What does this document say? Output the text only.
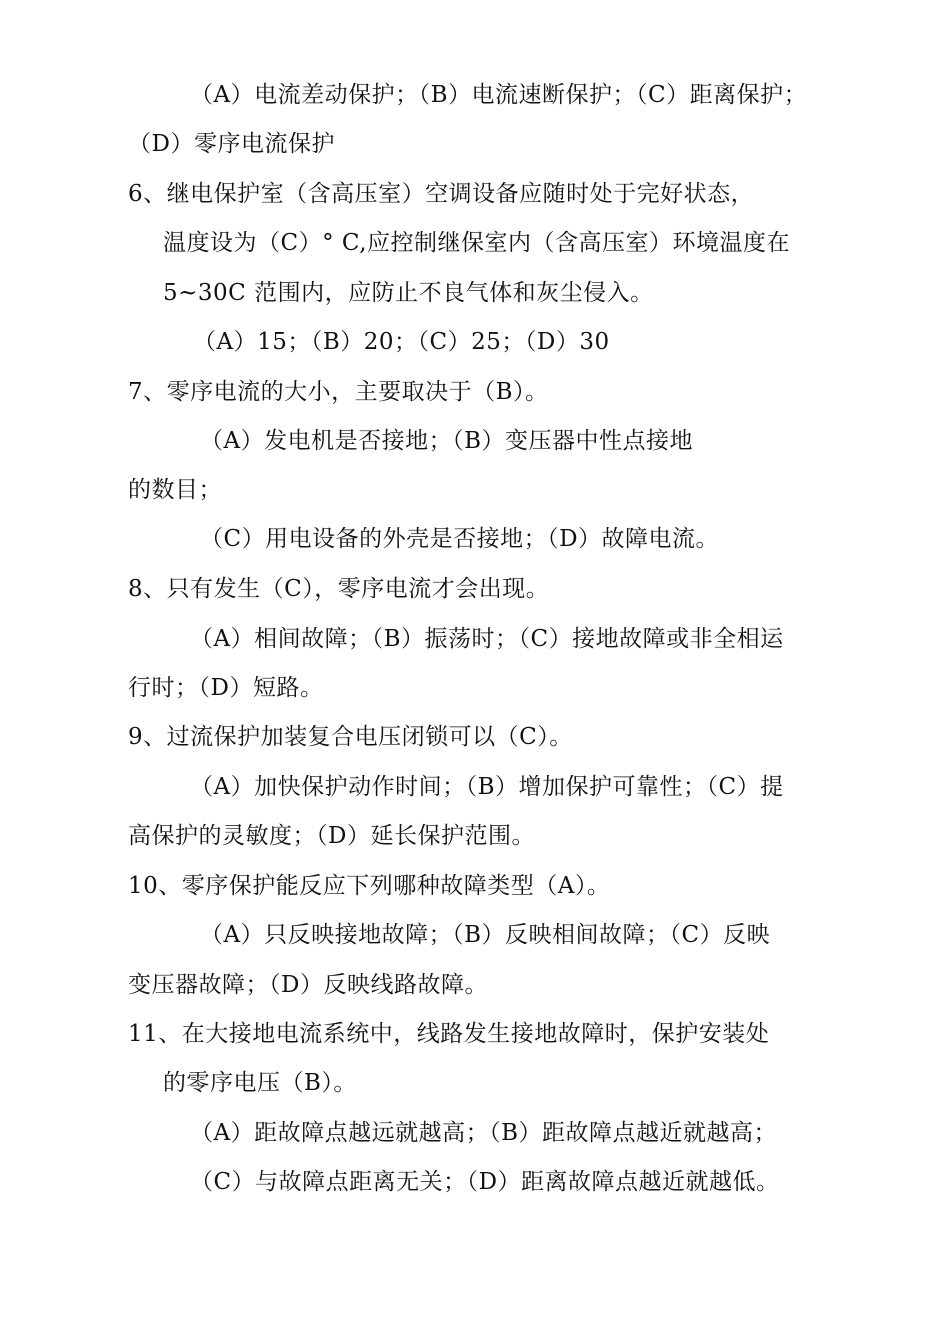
（A）电流差动保护；（B）电流速断保护；（C）距离保护；
（D）零序电流保护
6、继电保护室（含高压室）空调设备应随时处于完好状态，
温度设为（C）° C,应控制继保室内（含高压室）环境温度在
5~30C 范围内，应防止不良气体和灰尘侵入。
（A）15；（B）20；（C）25；（D）30
7、零序电流的大小，主要取决于（B）。
（A）发电机是否接地；（B）变压器中性点接地
的数目；
（C）用电设备的外壳是否接地；（D）故障电流。
8、只有发生（C），零序电流才会出现。
（A）相间故障；（B）振荡时；（C）接地故障或非全相运
行时；（D）短路。
9、过流保护加装复合电压闭锁可以（C）。
（A）加快保护动作时间；（B）增加保护可靠性；（C）提
高保护的灵敏度；（D）延长保护范围。
10、零序保护能反应下列哪种故障类型（A）。
（A）只反映接地故障；（B）反映相间故障；（C）反映
变压器故障；（D）反映线路故障。
11、在大接地电流系统中，线路发生接地故障时，保护安装处
的零序电压（B）。
（A）距故障点越远就越高；（B）距故障点越近就越高；
（C）与故障点距离无关；（D）距离故障点越近就越低。
